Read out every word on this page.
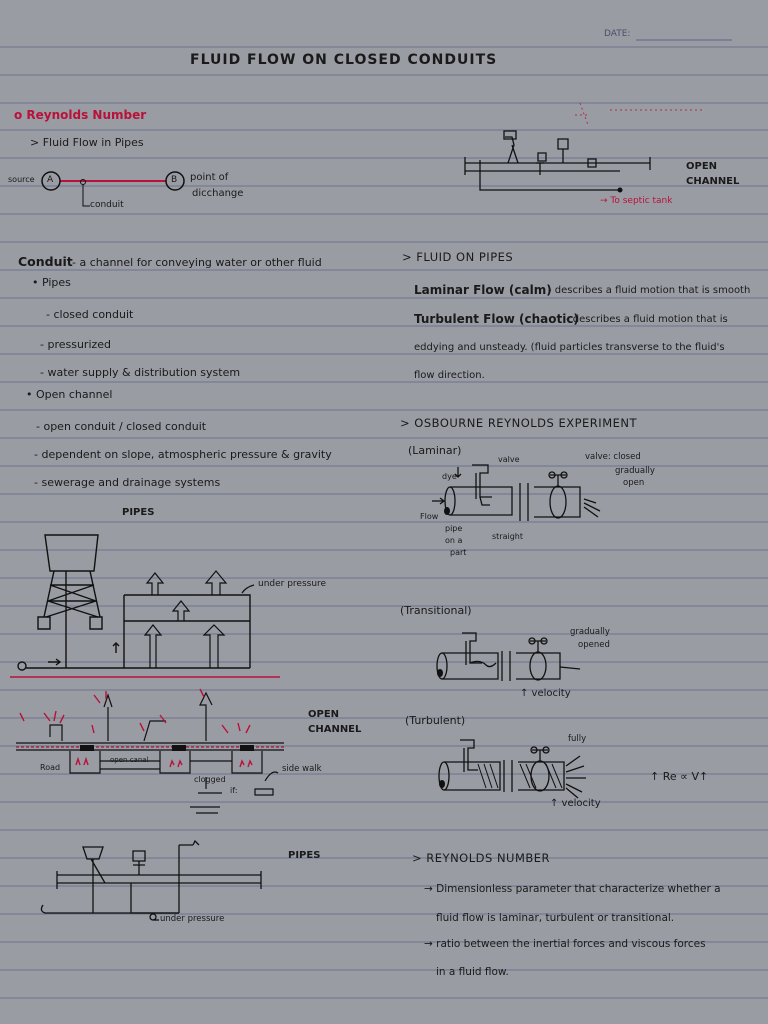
DATE:
FLUID FLOW ON CLOSED CONDUITS
o Reynolds Number
> Fluid Flow in Pipes
source A	B point of
dicchange
conduit
OPEN
CHANNEL
→ To septic tank
Conduit - a channel for conveying water or other fluid
• Pipes
- closed conduit
- pressurized
- water supply & distribution system
• Open channel
- open conduit / closed conduit
- dependent on slope, atmospheric pressure & gravity
- sewerage and drainage systems
> FLUID ON PIPES
Laminar Flow (calm)
- describes a fluid motion that is smooth
Turbulent Flow (chaotic)
- describes a fluid motion that is
eddying and unsteady. (fluid particles transverse to the fluid's
flow direction.
> OSBOURNE REYNOLDS EXPERIMENT
(Laminar)
dye
valve	valve: closed
gradually
open
Flow
pipe
on a
part
straight
(Transitional)
gradually
opened
↑ velocity
(Turbulent)
fully
↑ Re ∝ V↑
↑ velocity
PIPES
under pressure
OPEN
CHANNEL
Road
open canal
side walk
clogged
if:
PIPES
under pressure
> REYNOLDS NUMBER
→ Dimensionless parameter that characterize whether a
fluid flow is laminar, turbulent or transitional.
→ ratio between the inertial forces and viscous forces
in a fluid flow.
